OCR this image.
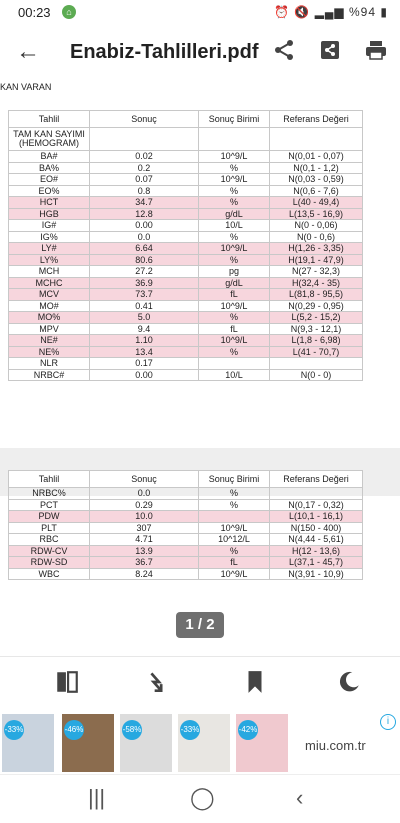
00:23	⌂	⏰ 🔇 ▂▄▆ %94 ▮
← Enabiz-Tahlilleri.pdf
KAN VARAN
Tahlil	Sonuç	Sonuç Birimi	Referans Değeri

TAM KAN SAYIMI
(HEMOGRAM)			

BA#	0.02	10^9/L	N(0,01 - 0,07)
BA%	0.2	%	N(0,1 - 1,2)
EO#	0.07	10^9/L	N(0,03 - 0,59)
EO%	0.8	%	N(0,6 - 7,6)
HCT	34.7	%	L(40 - 49,4)
HGB	12.8	g/dL	L(13,5 - 16,9)
IG#	0.00	10/L	N(0 - 0,06)
IG%	0.0	%	N(0 - 0,6)
LY#	6.64	10^9/L	H(1,26 - 3,35)
LY%	80.6	%	H(19,1 - 47,9)
MCH	27.2	pg	N(27 - 32,3)
MCHC	36.9	g/dL	H(32,4 - 35)
MCV	73.7	fL	L(81,8 - 95,5)
MO#	0.41	10^9/L	N(0,29 - 0,95)
MO%	5.0	%	L(5,2 - 15,2)
MPV	9.4	fL	N(9,3 - 12,1)
NE#	1.10	10^9/L	L(1,8 - 6,98)
NE%	13.4	%	L(41 - 70,7)
NLR	0.17		
NRBC#	0.00	10/L	N(0 - 0)
Tahlil	Sonuç	Sonuç Birimi	Referans Değeri
NRBC%	0.0	%	
PCT	0.29	%	N(0,17 - 0,32)
PDW	10.0		L(10,1 - 16,1)
PLT	307	10^9/L	N(150 - 400)
RBC	4.71	10^12/L	N(4,44 - 5,61)
RDW-CV	13.9	%	H(12 - 13,6)
RDW-SD	36.7	fL	L(37,1 - 45,7)
WBC	8.24	10^9/L	N(3,91 - 10,9)
1 / 2
-33%	-46%	-58%	-33%	-42%
i
miu.com.tr
|||	◯	‹
